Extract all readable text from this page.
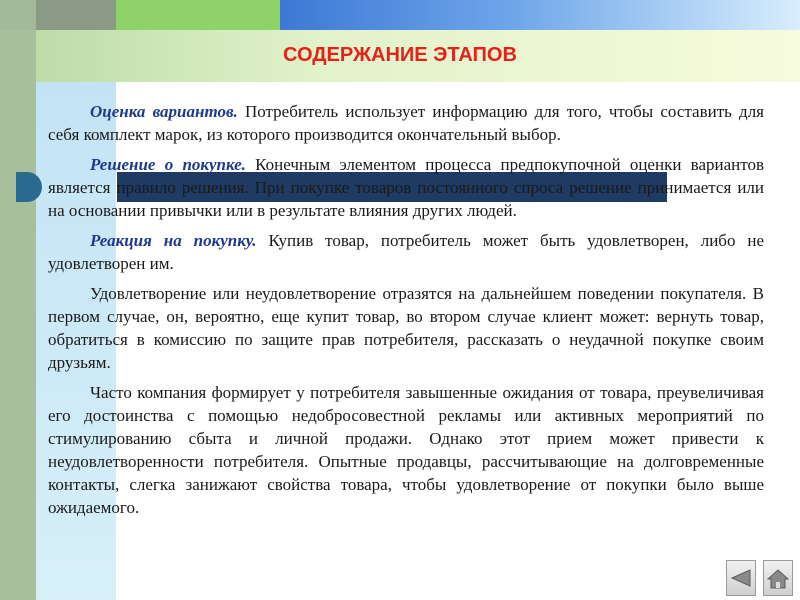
СОДЕРЖАНИЕ ЭТАПОВ

Оценка вариантов. Потребитель использует информацию для того, чтобы составить для себя комплект марок, из которого производится окончательный выбор.

Решение о покупке. Конечным элементом процесса предпокупочной оценки вариантов является правило решения. При покупке товаров постоянного спроса решение принимается или на основании привычки или в результате влияния других людей.

Реакция на покупку. Купив товар, потребитель может быть удовлетворен, либо не удовлетворен им.

Удовлетворение или неудовлетворение отразятся на дальнейшем поведении покупателя. В первом случае, он, вероятно, еще купит товар, во втором случае клиент может: вернуть товар, обратиться в комиссию по защите прав потребителя, рассказать о неудачной покупке своим друзьям.

Часто компания формирует у потребителя завышенные ожидания от товара, преувеличивая его достоинства с помощью недобросовестной рекламы или активных мероприятий по стимулированию сбыта и личной продажи. Однако этот прием может привести к неудовлетворенности потребителя. Опытные продавцы, рассчитывающие на долговременные контакты, слегка занижают свойства товара, чтобы удовлетворение от покупки было выше ожидаемого.
